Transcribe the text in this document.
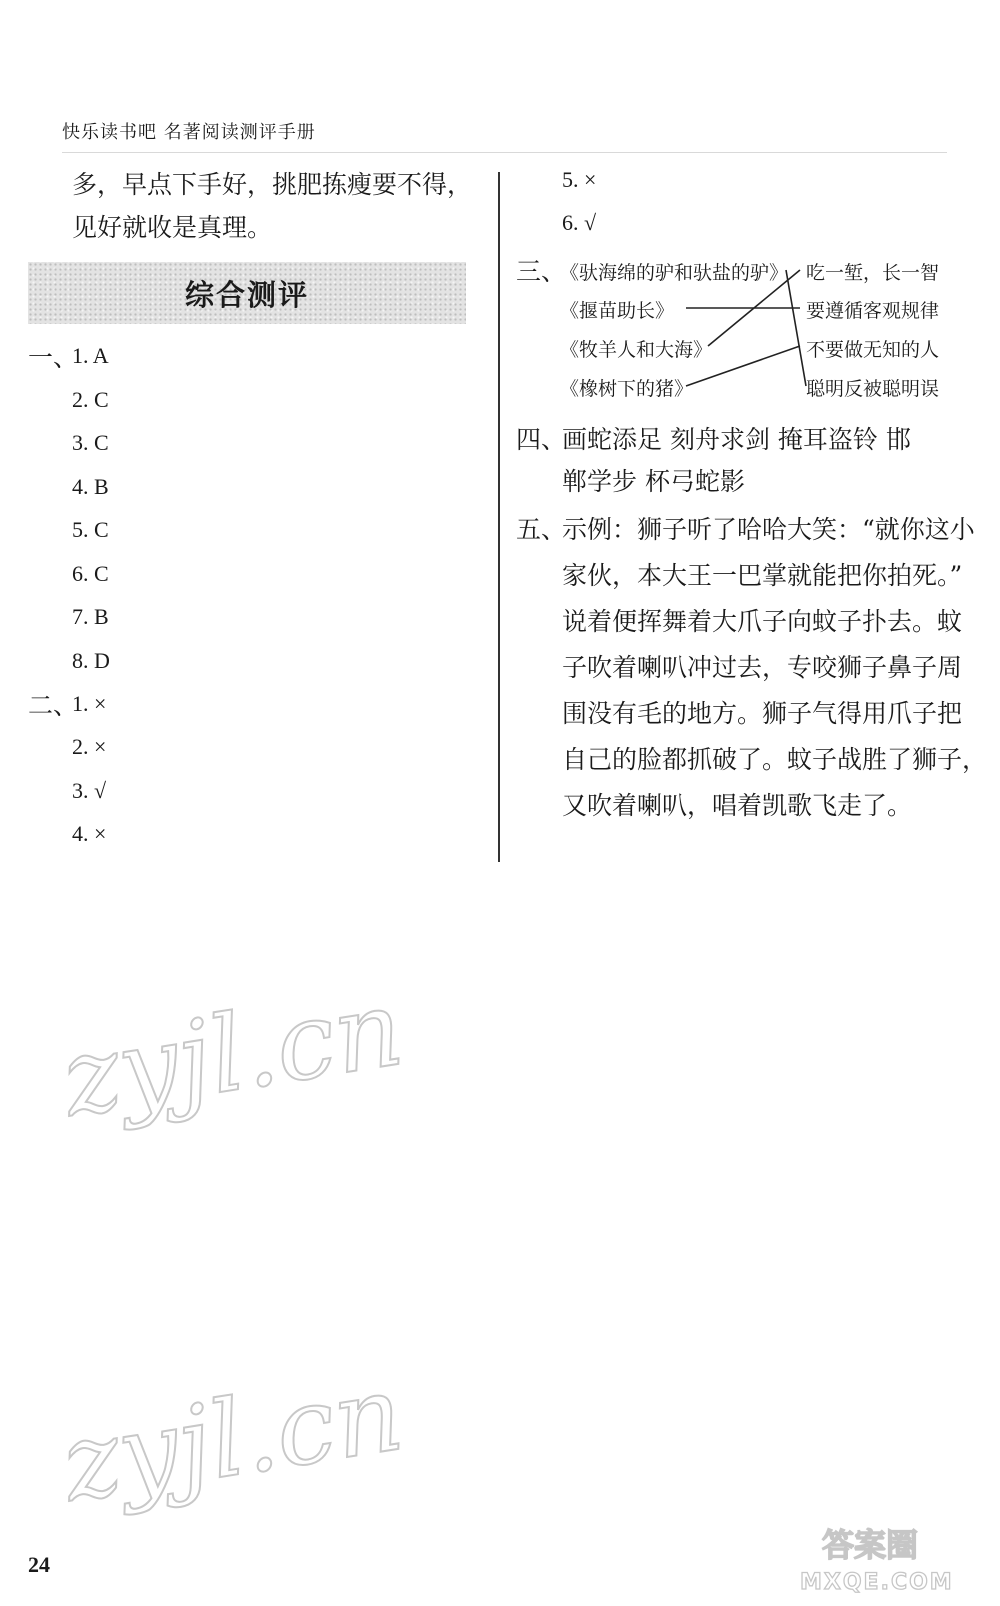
快乐读书吧 名著阅读测评手册
多，早点下手好，挑肥拣瘦要不得，
见好就收是真理。
综合测评
一、
1. A
2. C
3. C
4. B
5. C
6. C
7. B
8. D
二、
1. ×
2. ×
3. √
4. ×
5. ×
6. √
三、
《驮海绵的驴和驮盐的驴》
《揠苗助长》
《牧羊人和大海》
《橡树下的猪》
吃一堑，长一智
要遵循客观规律
不要做无知的人
聪明反被聪明误
四、
画蛇添足 刻舟求剑 掩耳盗铃 邯
郸学步 杯弓蛇影
五、
示例：狮子听了哈哈大笑：“就你这小
家伙，本大王一巴掌就能把你拍死。”
说着便挥舞着大爪子向蚊子扑去。蚊
子吹着喇叭冲过去，专咬狮子鼻子周
围没有毛的地方。狮子气得用爪子把
自己的脸都抓破了。蚊子战胜了狮子，
又吹着喇叭，唱着凯歌飞走了。
zyjl.cn
zyjl.cn
24
答案圈
MXQE.COM
